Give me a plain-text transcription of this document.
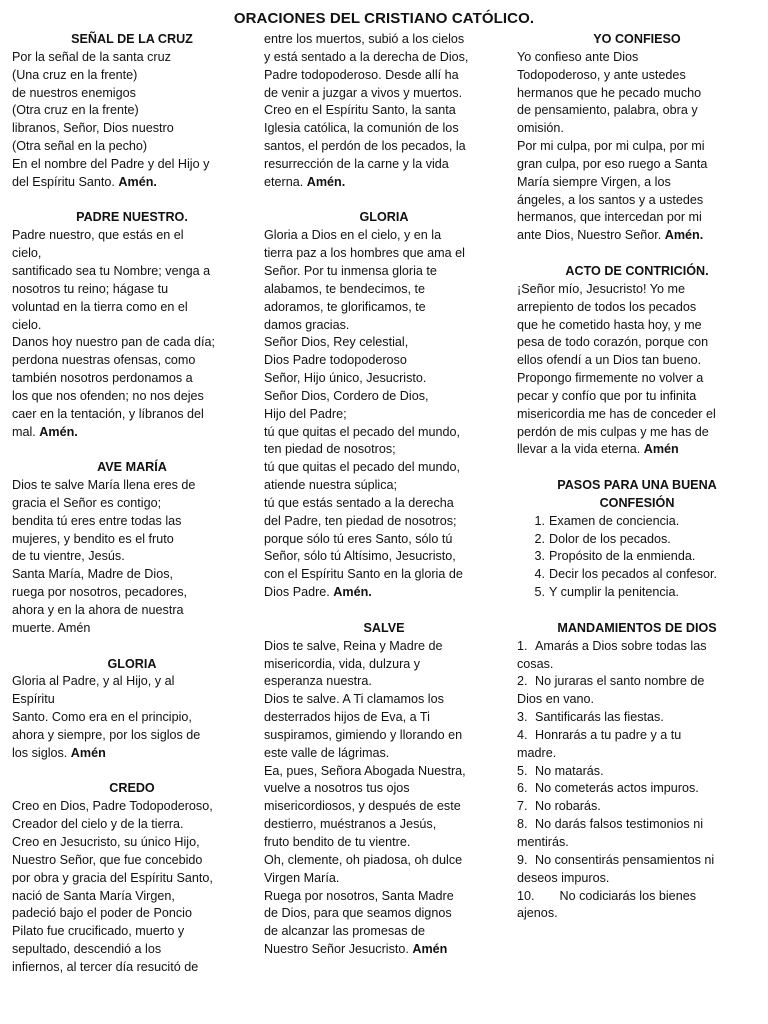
ORACIONES DEL CRISTIANO CATÓLICO.
SEÑAL DE LA CRUZ
Por la señal de la santa cruz
(Una cruz en la frente)
de nuestros enemigos
(Otra cruz en la frente)
libranos, Señor, Dios nuestro
(Otra señal en la pecho)
En el nombre del Padre y del Hijo y
del Espíritu Santo. Amén.
PADRE NUESTRO.
Padre nuestro, que estás en el
cielo,
santificado sea tu Nombre; venga a
nosotros tu reino; hágase tu
voluntad en la tierra como en el
cielo.
Danos hoy nuestro pan de cada día;
perdona nuestras ofensas, como
también nosotros perdonamos a
los que nos ofenden; no nos dejes
caer en la tentación, y líbranos del
mal. Amén.
AVE MARÍA
Dios te salve María llena eres de
gracia el Señor es contigo;
bendita tú eres entre todas las
mujeres, y bendito es el fruto
de tu vientre, Jesús.
Santa María, Madre de Dios,
ruega por nosotros, pecadores,
ahora y en la ahora de nuestra
muerte. Amén
GLORIA
Gloria al Padre, y al Hijo, y al
Espíritu
Santo. Como era en el principio,
ahora y siempre, por los siglos de
los siglos. Amén
CREDO
Creo en Dios, Padre Todopoderoso,
Creador del cielo y de la tierra.
Creo en Jesucristo, su único Hijo,
Nuestro Señor, que fue concebido
por obra y gracia del Espíritu Santo,
nació de Santa María Virgen,
padeció bajo el poder de Poncio
Pilato fue crucificado, muerto y
sepultado, descendió a los
infiernos, al tercer día resucitó de
entre los muertos, subió a los cielos
y está sentado a la derecha de Dios,
Padre todopoderoso. Desde allí ha
de venir a juzgar a vivos y muertos.
Creo en el Espíritu Santo, la santa
Iglesia católica, la comunión de los
santos, el perdón de los pecados, la
resurrección de la carne y la vida
eterna. Amén.
GLORIA
Gloria a Dios en el cielo, y en la
tierra paz a los hombres que ama el
Señor. Por tu inmensa gloria te
alabamos, te bendecimos, te
adoramos, te glorificamos, te
damos gracias.
Señor Dios, Rey celestial,
Dios Padre todopoderoso
Señor, Hijo único, Jesucristo.
Señor Dios, Cordero de Dios,
Hijo del Padre;
tú que quitas el pecado del mundo,
ten piedad de nosotros;
tú que quitas el pecado del mundo,
atiende nuestra súplica;
tú que estás sentado a la derecha
del Padre, ten piedad de nosotros;
porque sólo tú eres Santo, sólo tú
Señor, sólo tú Altísimo, Jesucristo,
con el Espíritu Santo en la gloria de
Dios Padre. Amén.
SALVE
Dios te salve, Reina y Madre de
misericordia, vida, dulzura y
esperanza nuestra.
Dios te salve. A Ti clamamos los
desterrados hijos de Eva, a Ti
suspiramos, gimiendo y llorando en
este valle de lágrimas.
Ea, pues, Señora Abogada Nuestra,
vuelve a nosotros tus ojos
misericordiosos, y después de este
destierro, muéstranos a Jesús,
fruto bendito de tu vientre.
Oh, clemente, oh piadosa, oh dulce
Virgen María.
Ruega por nosotros, Santa Madre
de Dios, para que seamos dignos
de alcanzar las promesas de
Nuestro Señor Jesucristo. Amén
YO CONFIESO
Yo confieso ante Dios
Todopoderoso, y ante ustedes
hermanos que he pecado mucho
de pensamiento, palabra, obra y
omisión.
Por mi culpa, por mi culpa, por mi
gran culpa, por eso ruego a Santa
María siempre Virgen, a los
ángeles, a los santos y a ustedes
hermanos, que intercedan por mi
ante Dios, Nuestro Señor. Amén.
ACTO DE CONTRICIÓN.
¡Señor mío, Jesucristo! Yo me
arrepiento de todos los pecados
que he cometido hasta hoy, y me
pesa de todo corazón, porque con
ellos ofendí a un Dios tan bueno.
Propongo firmemente no volver a
pecar y confío que por tu infinita
misericordia me has de conceder el
perdón de mis culpas y me has de
llevar a la vida eterna. Amén
PASOS PARA UNA BUENA
CONFESIÓN
1. Examen de conciencia.
2. Dolor de los pecados.
3. Propósito de la enmienda.
4. Decir los pecados al confesor.
5. Y cumplir la penitencia.
MANDAMIENTOS DE DIOS
1. Amarás a Dios sobre todas las
cosas.
2. No juraras el santo nombre de
Dios en vano.
3. Santificarás las fiestas.
4. Honrarás a tu padre y a tu
madre.
5. No matarás.
6. No cometerás actos impuros.
7. No robarás.
8. No darás falsos testimonios ni
mentirás.
9. No consentirás pensamientos ni
deseos impuros.
10. No codiciarás los bienes
ajenos.
